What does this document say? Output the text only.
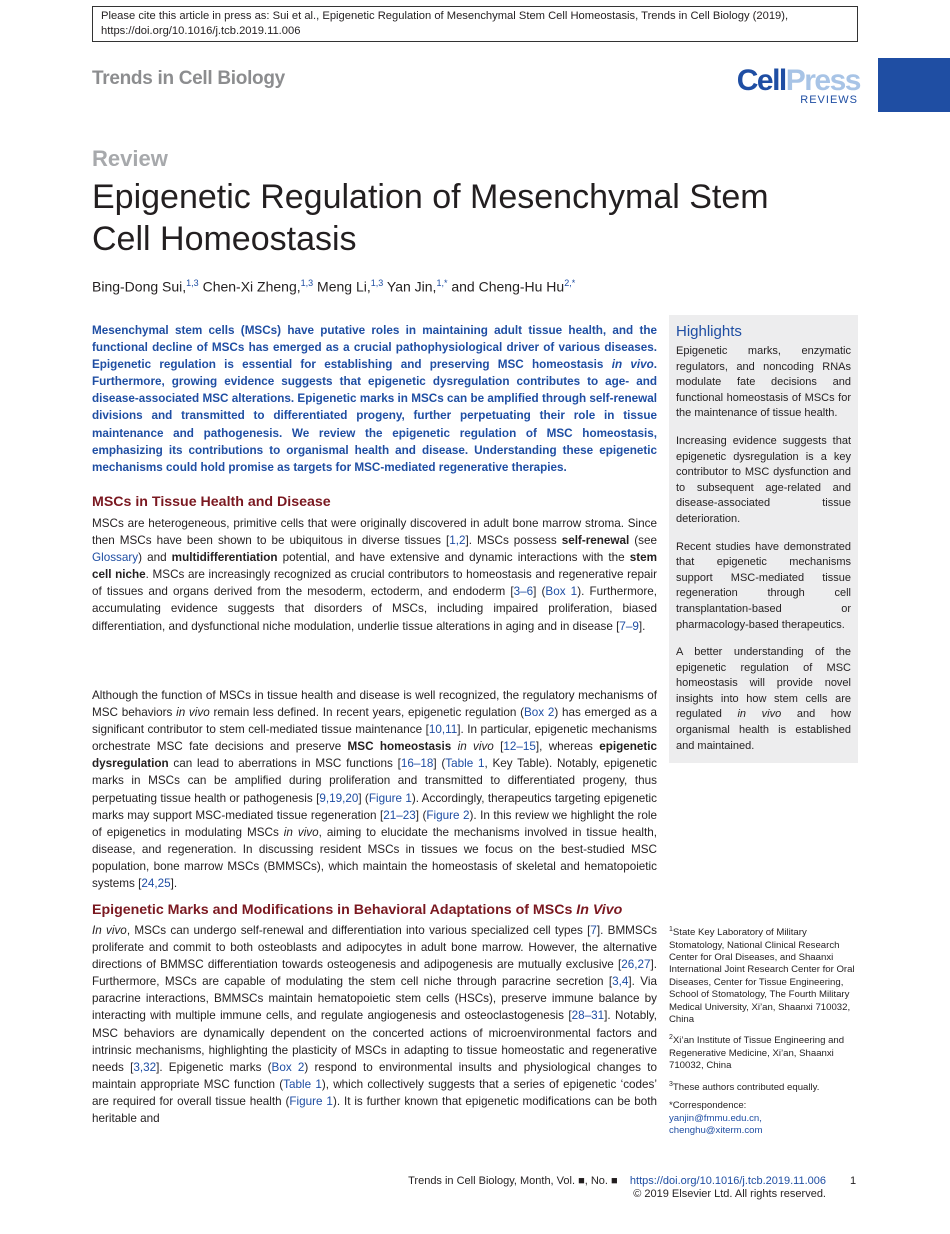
Please cite this article in press as: Sui et al., Epigenetic Regulation of Mesenchymal Stem Cell Homeostasis, Trends in Cell Biology (2019), https://doi.org/10.1016/j.tcb.2019.11.006
Trends in Cell Biology	CellPress
REVIEWS
Review
Epigenetic Regulation of Mesenchymal Stem Cell Homeostasis
Bing-Dong Sui,$^{1,3}$ Chen-Xi Zheng,$^{1,3}$ Meng Li,$^{1,3}$ Yan Jin,$^{1,*}$ and Cheng-Hu $Hu^{2,*}$

Mesenchymal stem cells (MSCs) have putative roles in maintaining adult tissue health, and the functional decline of MSCs has emerged as a crucial pathophysiological driver of various diseases. Epigenetic regulation is essential for establishing and preserving MSC homeostasis in vivo. Furthermore, growing evidence suggests that epigenetic dysregulation contributes to age- and disease-associated MSC alterations. Epigenetic marks in MSCs can be amplified through self-renewal divisions and transmitted to differentiated progeny, further perpetuating their role in tissue maintenance and pathogenesis. We review the epigenetic regulation of MSC homeostasis, emphasizing its contributions to organismal health and disease. Understanding these epigenetic mechanisms could hold promise as targets for MSC-mediated regenerative therapies.

MSCs in Tissue Health and Disease

MSCs are heterogeneous, primitive cells that were originally discovered in adult bone marrow stroma. Since then MSCs have been shown to be ubiquitous in diverse tissues [1,2]. MSCs possess self-renewal (see Glossary) and multidifferentiation potential, and have extensive and dynamic interactions with the stem cell niche. MSCs are increasingly recognized as crucial contributors to homeostasis and regenerative repair of tissues and organs derived from the mesoderm, ectoderm, and endoderm [3–6] (Box 1). Furthermore, accumulating evidence suggests that disorders of MSCs, including impaired proliferation, biased differentiation, and dysfunctional niche modulation, underlie tissue alterations in aging and in disease [7–9].

Although the function of MSCs in tissue health and disease is well recognized, the regulatory mechanisms of MSC behaviors in vivo remain less defined. In recent years, epigenetic regulation (Box 2) has emerged as a significant contributor to stem cell-mediated tissue maintenance [10,11]. In particular, epigenetic mechanisms orchestrate MSC fate decisions and preserve MSC homeostasis in vivo [12–15], whereas epigenetic dysregulation can lead to aberrations in MSC functions [16–18] (Table 1, Key Table). Notably, epigenetic marks in MSCs can be amplified during proliferation and transmitted to differentiated progeny, thus perpetuating tissue health or pathogenesis [9,19,20] (Figure 1). Accordingly, therapeutics targeting epigenetic marks may support MSC-mediated tissue regeneration [21–23] (Figure 2). In this review we highlight the role of epigenetics in modulating MSCs in vivo, aiming to elucidate the mechanisms involved in tissue health, disease, and regeneration. In discussing resident MSCs in tissues we focus on the best-studied MSC population, bone marrow MSCs (BMMSCs), which maintain the homeostasis of skeletal and hematopoietic systems [24,25].

Epigenetic Marks and Modifications in Behavioral Adaptations of MSCs In Vivo

In vivo, MSCs can undergo self-renewal and differentiation into various specialized cell types [7]. BMMSCs proliferate and commit to both osteoblasts and adipocytes in adult bone marrow. However, the alternative directions of BMMSC differentiation towards osteogenesis and adipogenesis are mutually exclusive [26,27]. Furthermore, MSCs are capable of modulating the stem cell niche through paracrine secretion [3,4]. Via paracrine interactions, BMMSCs maintain hematopoietic stem cells (HSCs), preserve immune balance by interacting with multiple immune cells, and regulate angiogenesis and osteoclastogenesis [28–31]. Notably, MSC behaviors are dynamically dependent on the concerted actions of microenvironmental factors and intrinsic mechanisms, highlighting the plasticity of MSCs in adapting to tissue homeostatic and regenerative needs [3,32]. Epigenetic marks (Box 2) respond to environmental insults and physiological changes to maintain appropriate MSC function (Table 1), which collectively suggests that a series of epigenetic ‘codes’ are required for overall tissue health (Figure 1). It is further known that epigenetic modifications can be both heritable and

Highlights

Epigenetic marks, enzymatic regulators, and noncoding RNAs modulate fate decisions and functional homeostasis of MSCs for the maintenance of tissue health.

Increasing evidence suggests that epigenetic dysregulation is a key contributor to MSC dysfunction and to subsequent age-related and disease-associated tissue deterioration.

Recent studies have demonstrated that epigenetic mechanisms support MSC-mediated tissue regeneration through cell transplantation-based or pharmacology-based therapeutics.

A better understanding of the epigenetic regulation of MSC homeostasis will provide novel insights into how stem cells are regulated in vivo and how organismal health is established and maintained.

$^1$State Key Laboratory of Military Stomatology, National Clinical Research Center for Oral Diseases, and Shaanxi International Joint Research Center for Oral Diseases, Center for Tissue Engineering, School of Stomatology, The Fourth Military Medical University, Xi’an, Shaanxi 710032, China

$^2$Xi’an Institute of Tissue Engineering and Regenerative Medicine, Xi’an, Shaanxi 710032, China

$^3$These authors contributed equally.

*Correspondence:
yanjin@fmmu.edu.cn,
chenghu@xiterm.com

Trends in Cell Biology, Month, Vol. ■, No. ■ https://doi.org/10.1016/j.tcb.2019.11.006
© 2019 Elsevier Ltd. All rights reserved.
1
